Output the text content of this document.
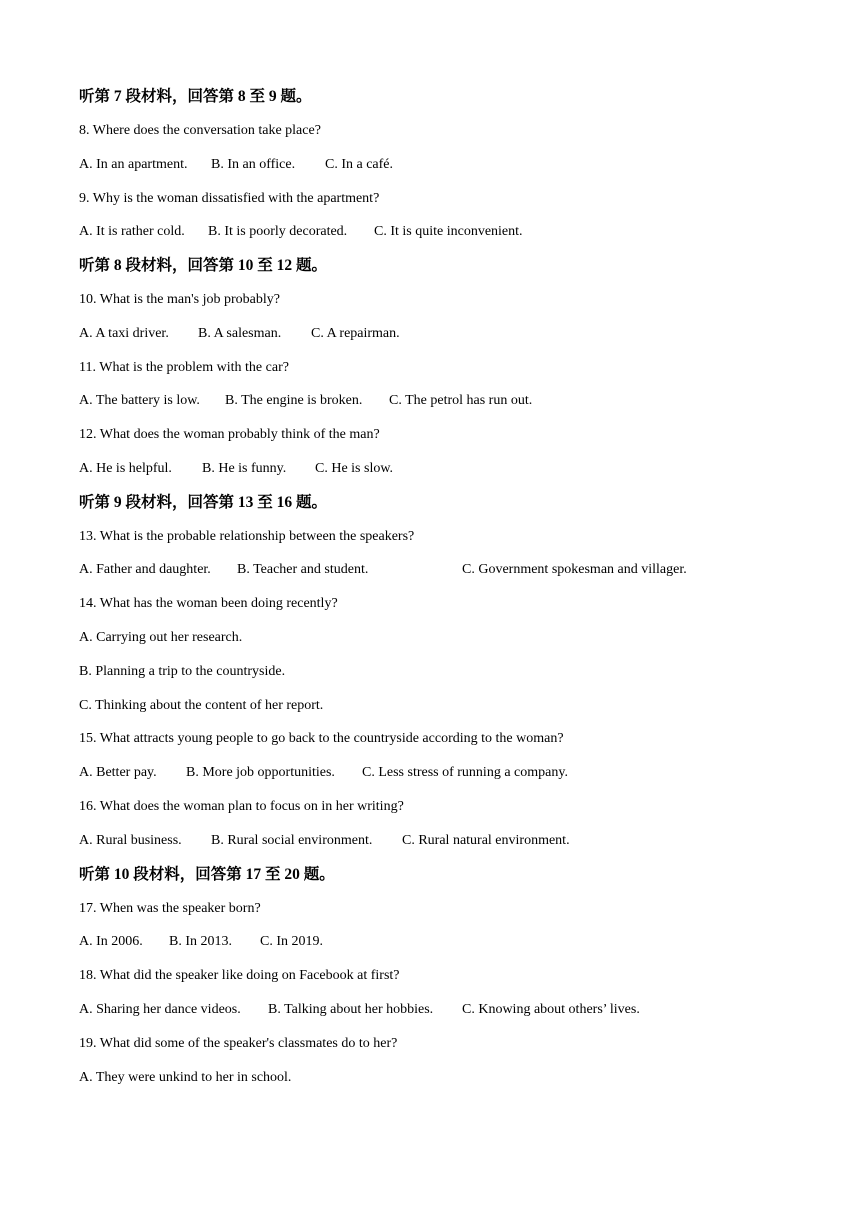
听第 7 段材料，回答第 8 至 9 题。
8. Where does the conversation take place?
A. In an apartment. B. In an office. C. In a café.
9. Why is the woman dissatisfied with the apartment?
A. It is rather cold. B. It is poorly decorated. C. It is quite inconvenient.
听第 8 段材料，回答第 10 至 12 题。
10. What is the man's job probably?
A. A taxi driver. B. A salesman. C. A repairman.
11. What is the problem with the car?
A. The battery is low. B. The engine is broken. C. The petrol has run out.
12. What does the woman probably think of the man?
A. He is helpful. B. He is funny. C. He is slow.
听第 9 段材料，回答第 13 至 16 题。
13. What is the probable relationship between the speakers?
A. Father and daughter. B. Teacher and student.	C. Government spokesman and villager.
14. What has the woman been doing recently?
A. Carrying out her research.
B. Planning a trip to the countryside.
C. Thinking about the content of her report.
15. What attracts young people to go back to the countryside according to the woman?
A. Better pay. B. More job opportunities. C. Less stress of running a company.
16. What does the woman plan to focus on in her writing?
A. Rural business. B. Rural social environment. C. Rural natural environment.
听第 10 段材料，回答第 17 至 20 题。
17. When was the speaker born?
A. In 2006. B. In 2013. C. In 2019.
18. What did the speaker like doing on Facebook at first?
A. Sharing her dance videos. B. Talking about her hobbies. C. Knowing about others’ lives.
19. What did some of the speaker's classmates do to her?
A. They were unkind to her in school.
